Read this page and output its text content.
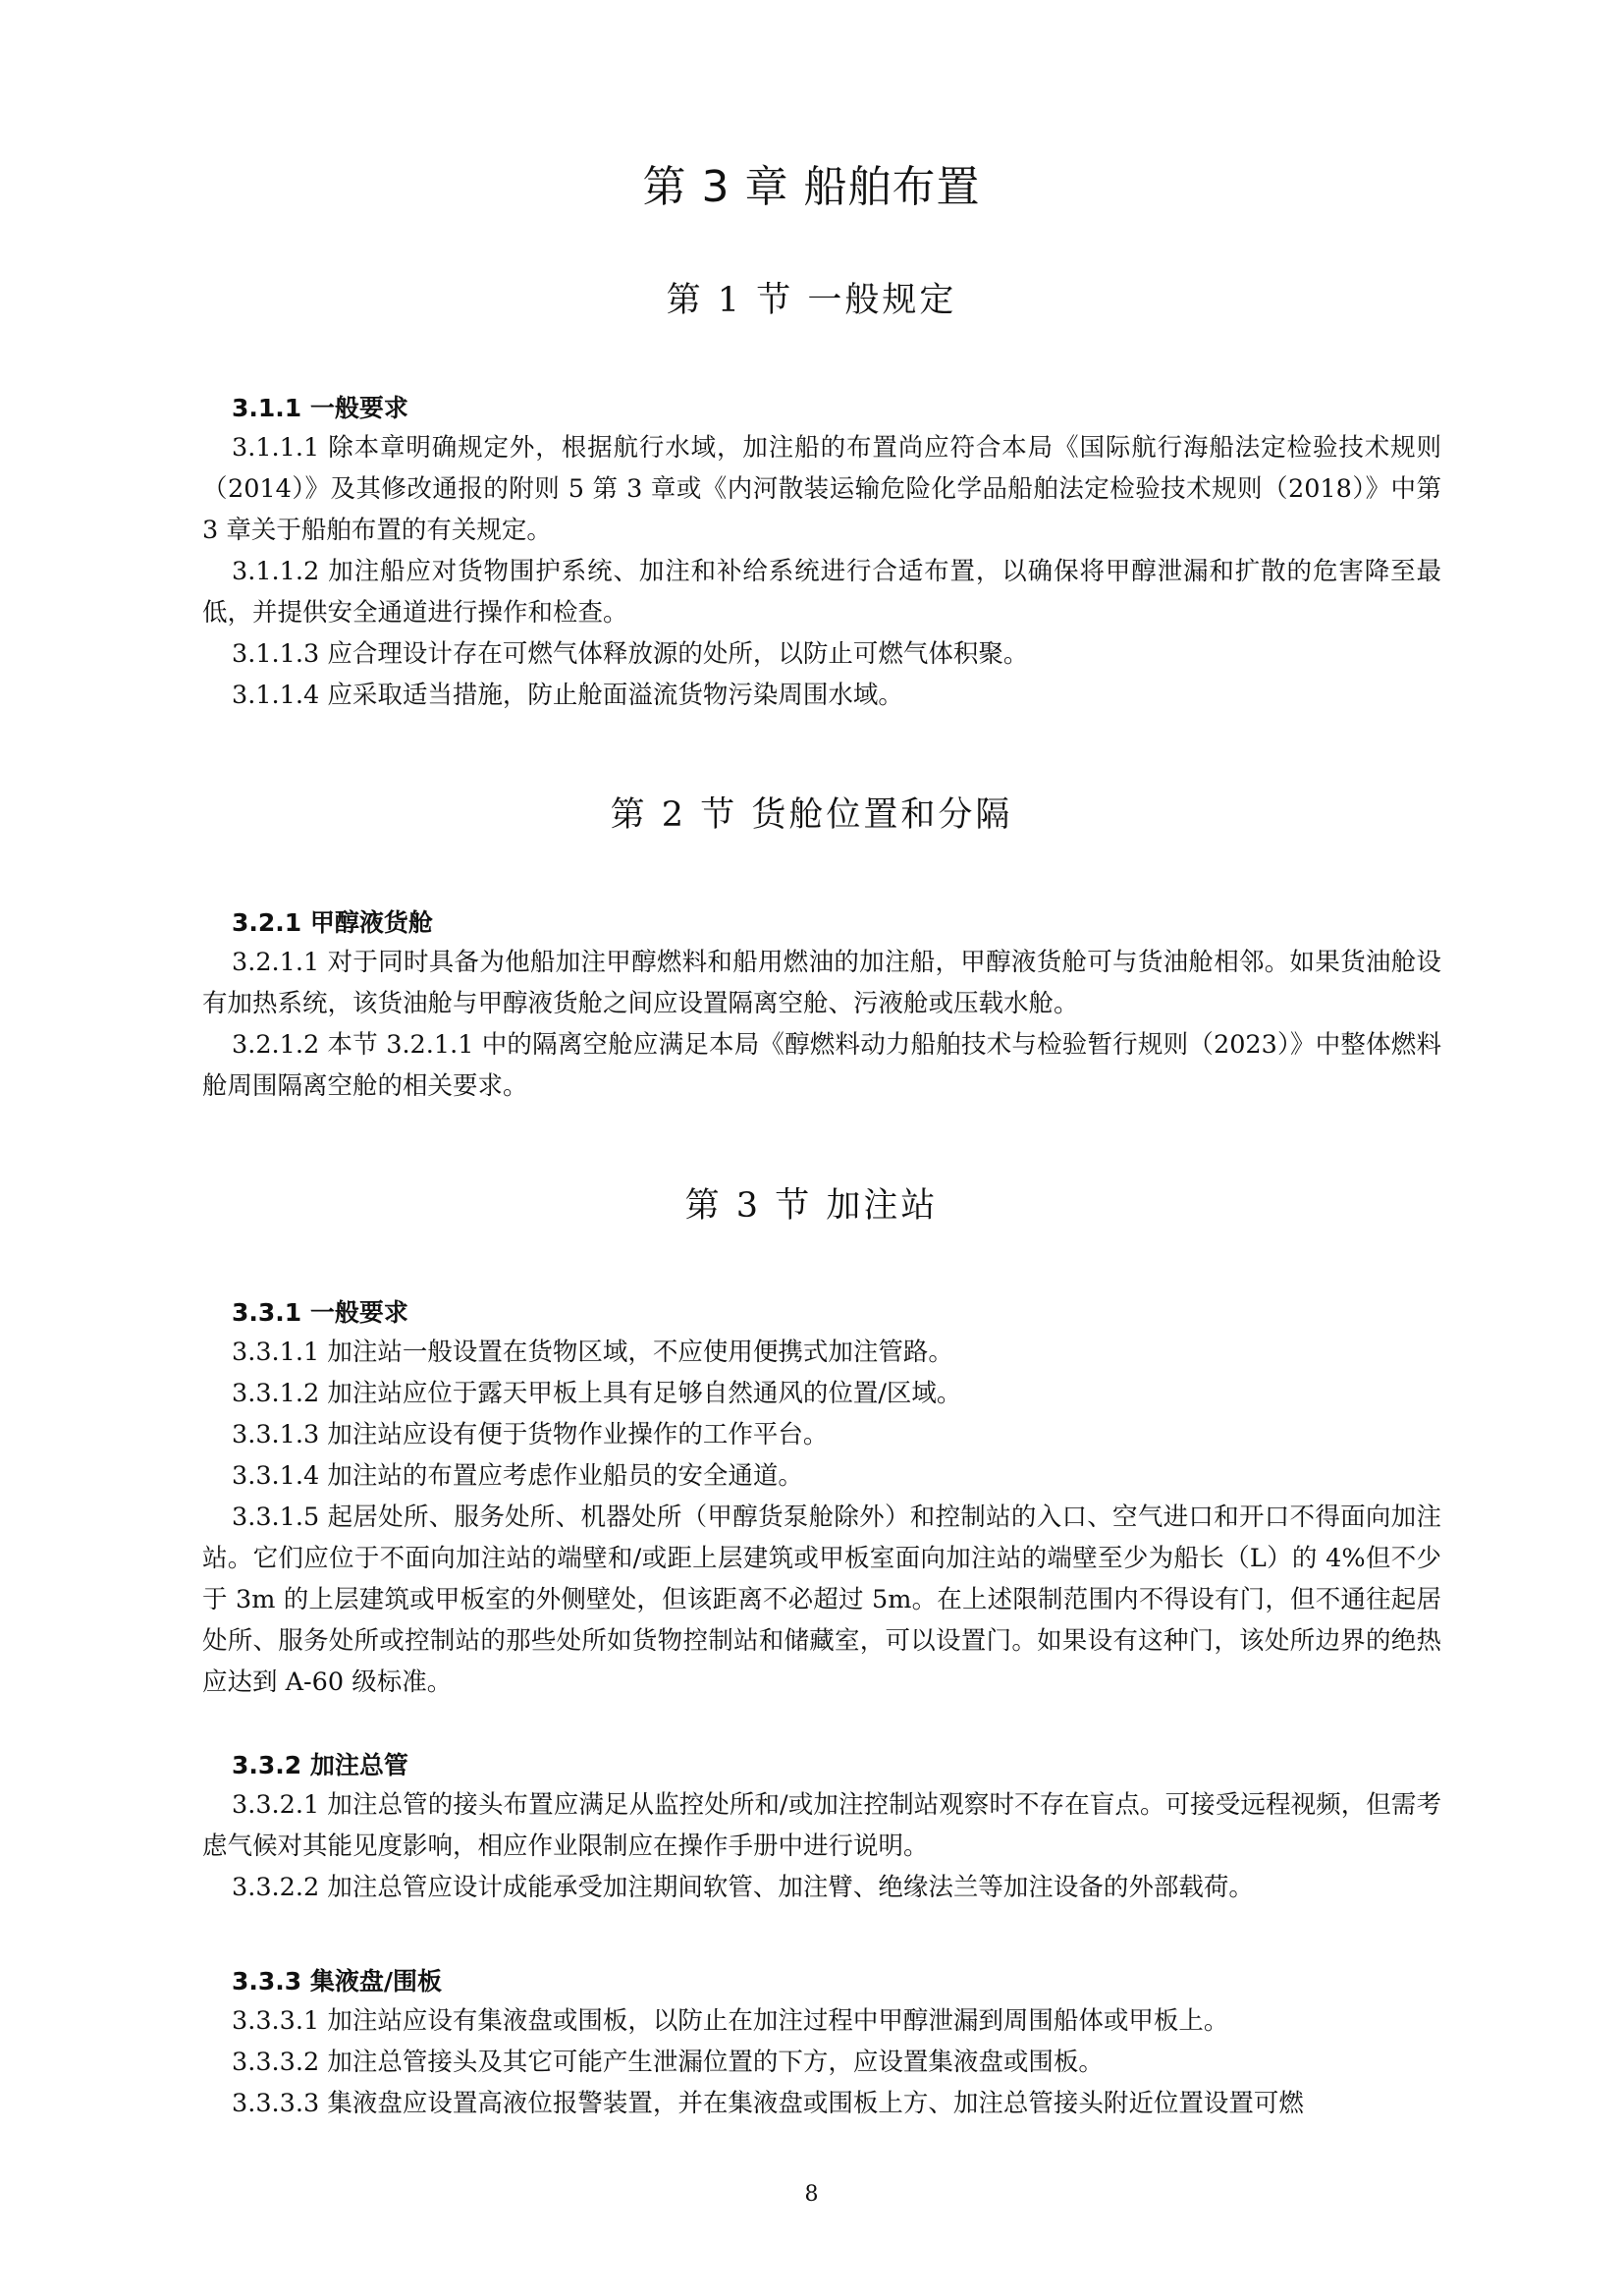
第 3 章 船舶布置
第 1 节 一般规定
3.1.1 一般要求
3.1.1.1 除本章明确规定外，根据航行水域，加注船的布置尚应符合本局《国际航行海船法定检验技术规则（2014）》及其修改通报的附则 5 第 3 章或《内河散装运输危险化学品船舶法定检验技术规则（2018）》中第 3 章关于船舶布置的有关规定。
3.1.1.2 加注船应对货物围护系统、加注和补给系统进行合适布置，以确保将甲醇泄漏和扩散的危害降至最低，并提供安全通道进行操作和检查。
3.1.1.3 应合理设计存在可燃气体释放源的处所，以防止可燃气体积聚。
3.1.1.4 应采取适当措施，防止舱面溢流货物污染周围水域。
第 2 节 货舱位置和分隔
3.2.1 甲醇液货舱
3.2.1.1 对于同时具备为他船加注甲醇燃料和船用燃油的加注船，甲醇液货舱可与货油舱相邻。如果货油舱设有加热系统，该货油舱与甲醇液货舱之间应设置隔离空舱、污液舱或压载水舱。
3.2.1.2 本节 3.2.1.1 中的隔离空舱应满足本局《醇燃料动力船舶技术与检验暂行规则（2023）》中整体燃料舱周围隔离空舱的相关要求。
第 3 节 加注站
3.3.1 一般要求
3.3.1.1 加注站一般设置在货物区域，不应使用便携式加注管路。
3.3.1.2 加注站应位于露天甲板上具有足够自然通风的位置/区域。
3.3.1.3 加注站应设有便于货物作业操作的工作平台。
3.3.1.4 加注站的布置应考虑作业船员的安全通道。
3.3.1.5 起居处所、服务处所、机器处所（甲醇货泵舱除外）和控制站的入口、空气进口和开口不得面向加注站。它们应位于不面向加注站的端壁和/或距上层建筑或甲板室面向加注站的端壁至少为船长（L）的 4%但不少于 3m 的上层建筑或甲板室的外侧壁处，但该距离不必超过 5m。在上述限制范围内不得设有门，但不通往起居处所、服务处所或控制站的那些处所如货物控制站和储藏室，可以设置门。如果设有这种门，该处所边界的绝热应达到 A-60 级标准。
3.3.2 加注总管
3.3.2.1 加注总管的接头布置应满足从监控处所和/或加注控制站观察时不存在盲点。可接受远程视频，但需考虑气候对其能见度影响，相应作业限制应在操作手册中进行说明。
3.3.2.2 加注总管应设计成能承受加注期间软管、加注臂、绝缘法兰等加注设备的外部载荷。
3.3.3 集液盘/围板
3.3.3.1 加注站应设有集液盘或围板，以防止在加注过程中甲醇泄漏到周围船体或甲板上。
3.3.3.2 加注总管接头及其它可能产生泄漏位置的下方，应设置集液盘或围板。
3.3.3.3 集液盘应设置高液位报警装置，并在集液盘或围板上方、加注总管接头附近位置设置可燃
8
